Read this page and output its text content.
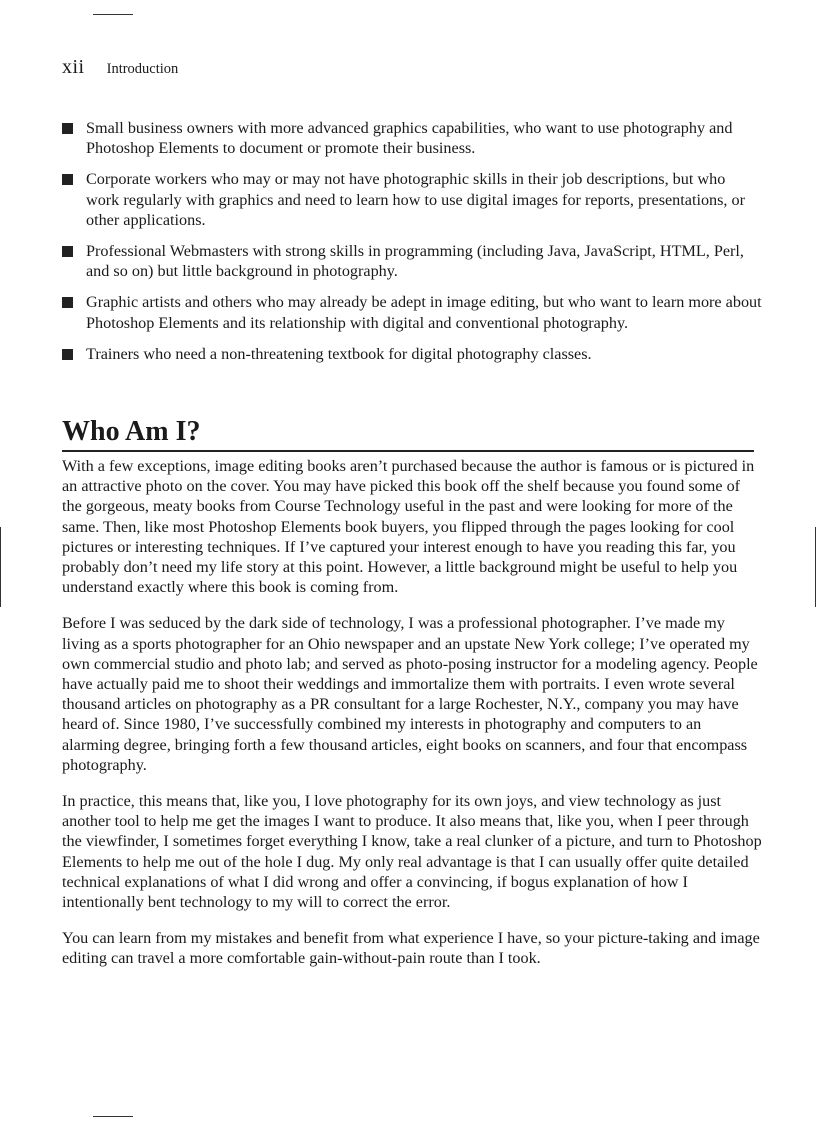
xii Introduction
Small business owners with more advanced graphics capabilities, who want to use photography and Photoshop Elements to document or promote their business.
Corporate workers who may or may not have photographic skills in their job descriptions, but who work regularly with graphics and need to learn how to use digital images for reports, presentations, or other applications.
Professional Webmasters with strong skills in programming (including Java, JavaScript, HTML, Perl, and so on) but little background in photography.
Graphic artists and others who may already be adept in image editing, but who want to learn more about Photoshop Elements and its relationship with digital and conventional photography.
Trainers who need a non-threatening textbook for digital photography classes.
Who Am I?

With a few exceptions, image editing books aren’t purchased because the author is famous or is pictured in an attractive photo on the cover. You may have picked this book off the shelf because you found some of the gorgeous, meaty books from Course Technology useful in the past and were looking for more of the same. Then, like most Photoshop Elements book buyers, you flipped through the pages looking for cool pictures or interesting techniques. If I’ve captured your interest enough to have you reading this far, you probably don’t need my life story at this point. However, a little background might be useful to help you understand exactly where this book is coming from.

Before I was seduced by the dark side of technology, I was a professional photographer. I’ve made my living as a sports photographer for an Ohio newspaper and an upstate New York college; I’ve operated my own commercial studio and photo lab; and served as photo-posing instructor for a modeling agency. People have actually paid me to shoot their weddings and immortalize them with portraits. I even wrote several thousand articles on photography as a PR consultant for a large Rochester, N.Y., company you may have heard of. Since 1980, I’ve successfully combined my interests in photography and computers to an alarming degree, bringing forth a few thousand articles, eight books on scanners, and four that encompass photography.

In practice, this means that, like you, I love photography for its own joys, and view technology as just another tool to help me get the images I want to produce. It also means that, like you, when I peer through the viewfinder, I sometimes forget everything I know, take a real clunker of a picture, and turn to Photoshop Elements to help me out of the hole I dug. My only real advantage is that I can usually offer quite detailed technical explanations of what I did wrong and offer a convincing, if bogus explanation of how I intentionally bent technology to my will to correct the error.

You can learn from my mistakes and benefit from what experience I have, so your picture-taking and image editing can travel a more comfortable gain-without-pain route than I took.
